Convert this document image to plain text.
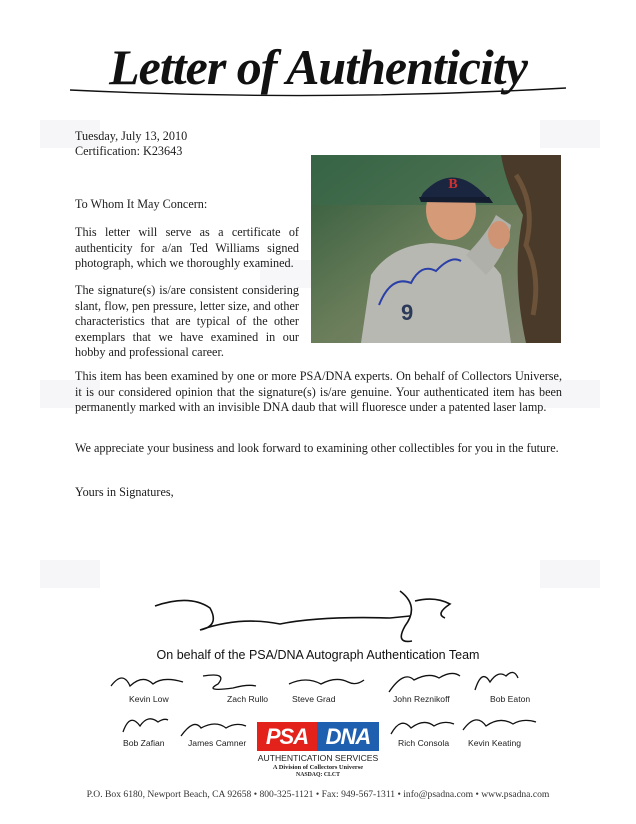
Letter of Authenticity
Tuesday, July 13, 2010
Certification: K23643

To Whom It May Concern:

This letter will serve as a certificate of authenticity for a/an Ted Williams signed photograph, which we thoroughly examined.

The signature(s) is/are consistent considering slant, flow, pen pressure, letter size, and other characteristics that are typical of the other exemplars that we have examined in our hobby and professional career.

This item has been examined by one or more PSA/DNA experts. On behalf of Collectors Universe, it is our considered opinion that the signature(s) is/are genuine. Your authenticated item has been permanently marked with an invisible DNA daub that will fluoresce under a patented laser lamp.

We appreciate your business and look forward to examining other collectibles for you in the future.

Yours in Signatures,

B
9
On behalf of the PSA/DNA Autograph Authentication Team
Kevin Low	Zach Rullo	Steve Grad	John Reznikoff	Bob Eaton
Bob Zafian	James Camner	Rich Consola Kevin Keating
PSA DNA
AUTHENTICATION SERVICES
A Division of Collectors Universe
NASDAQ: CLCT
P.O. Box 6180, Newport Beach, CA 92658 • 800-325-1121 • Fax: 949-567-1311 • info@psadna.com • www.psadna.com
